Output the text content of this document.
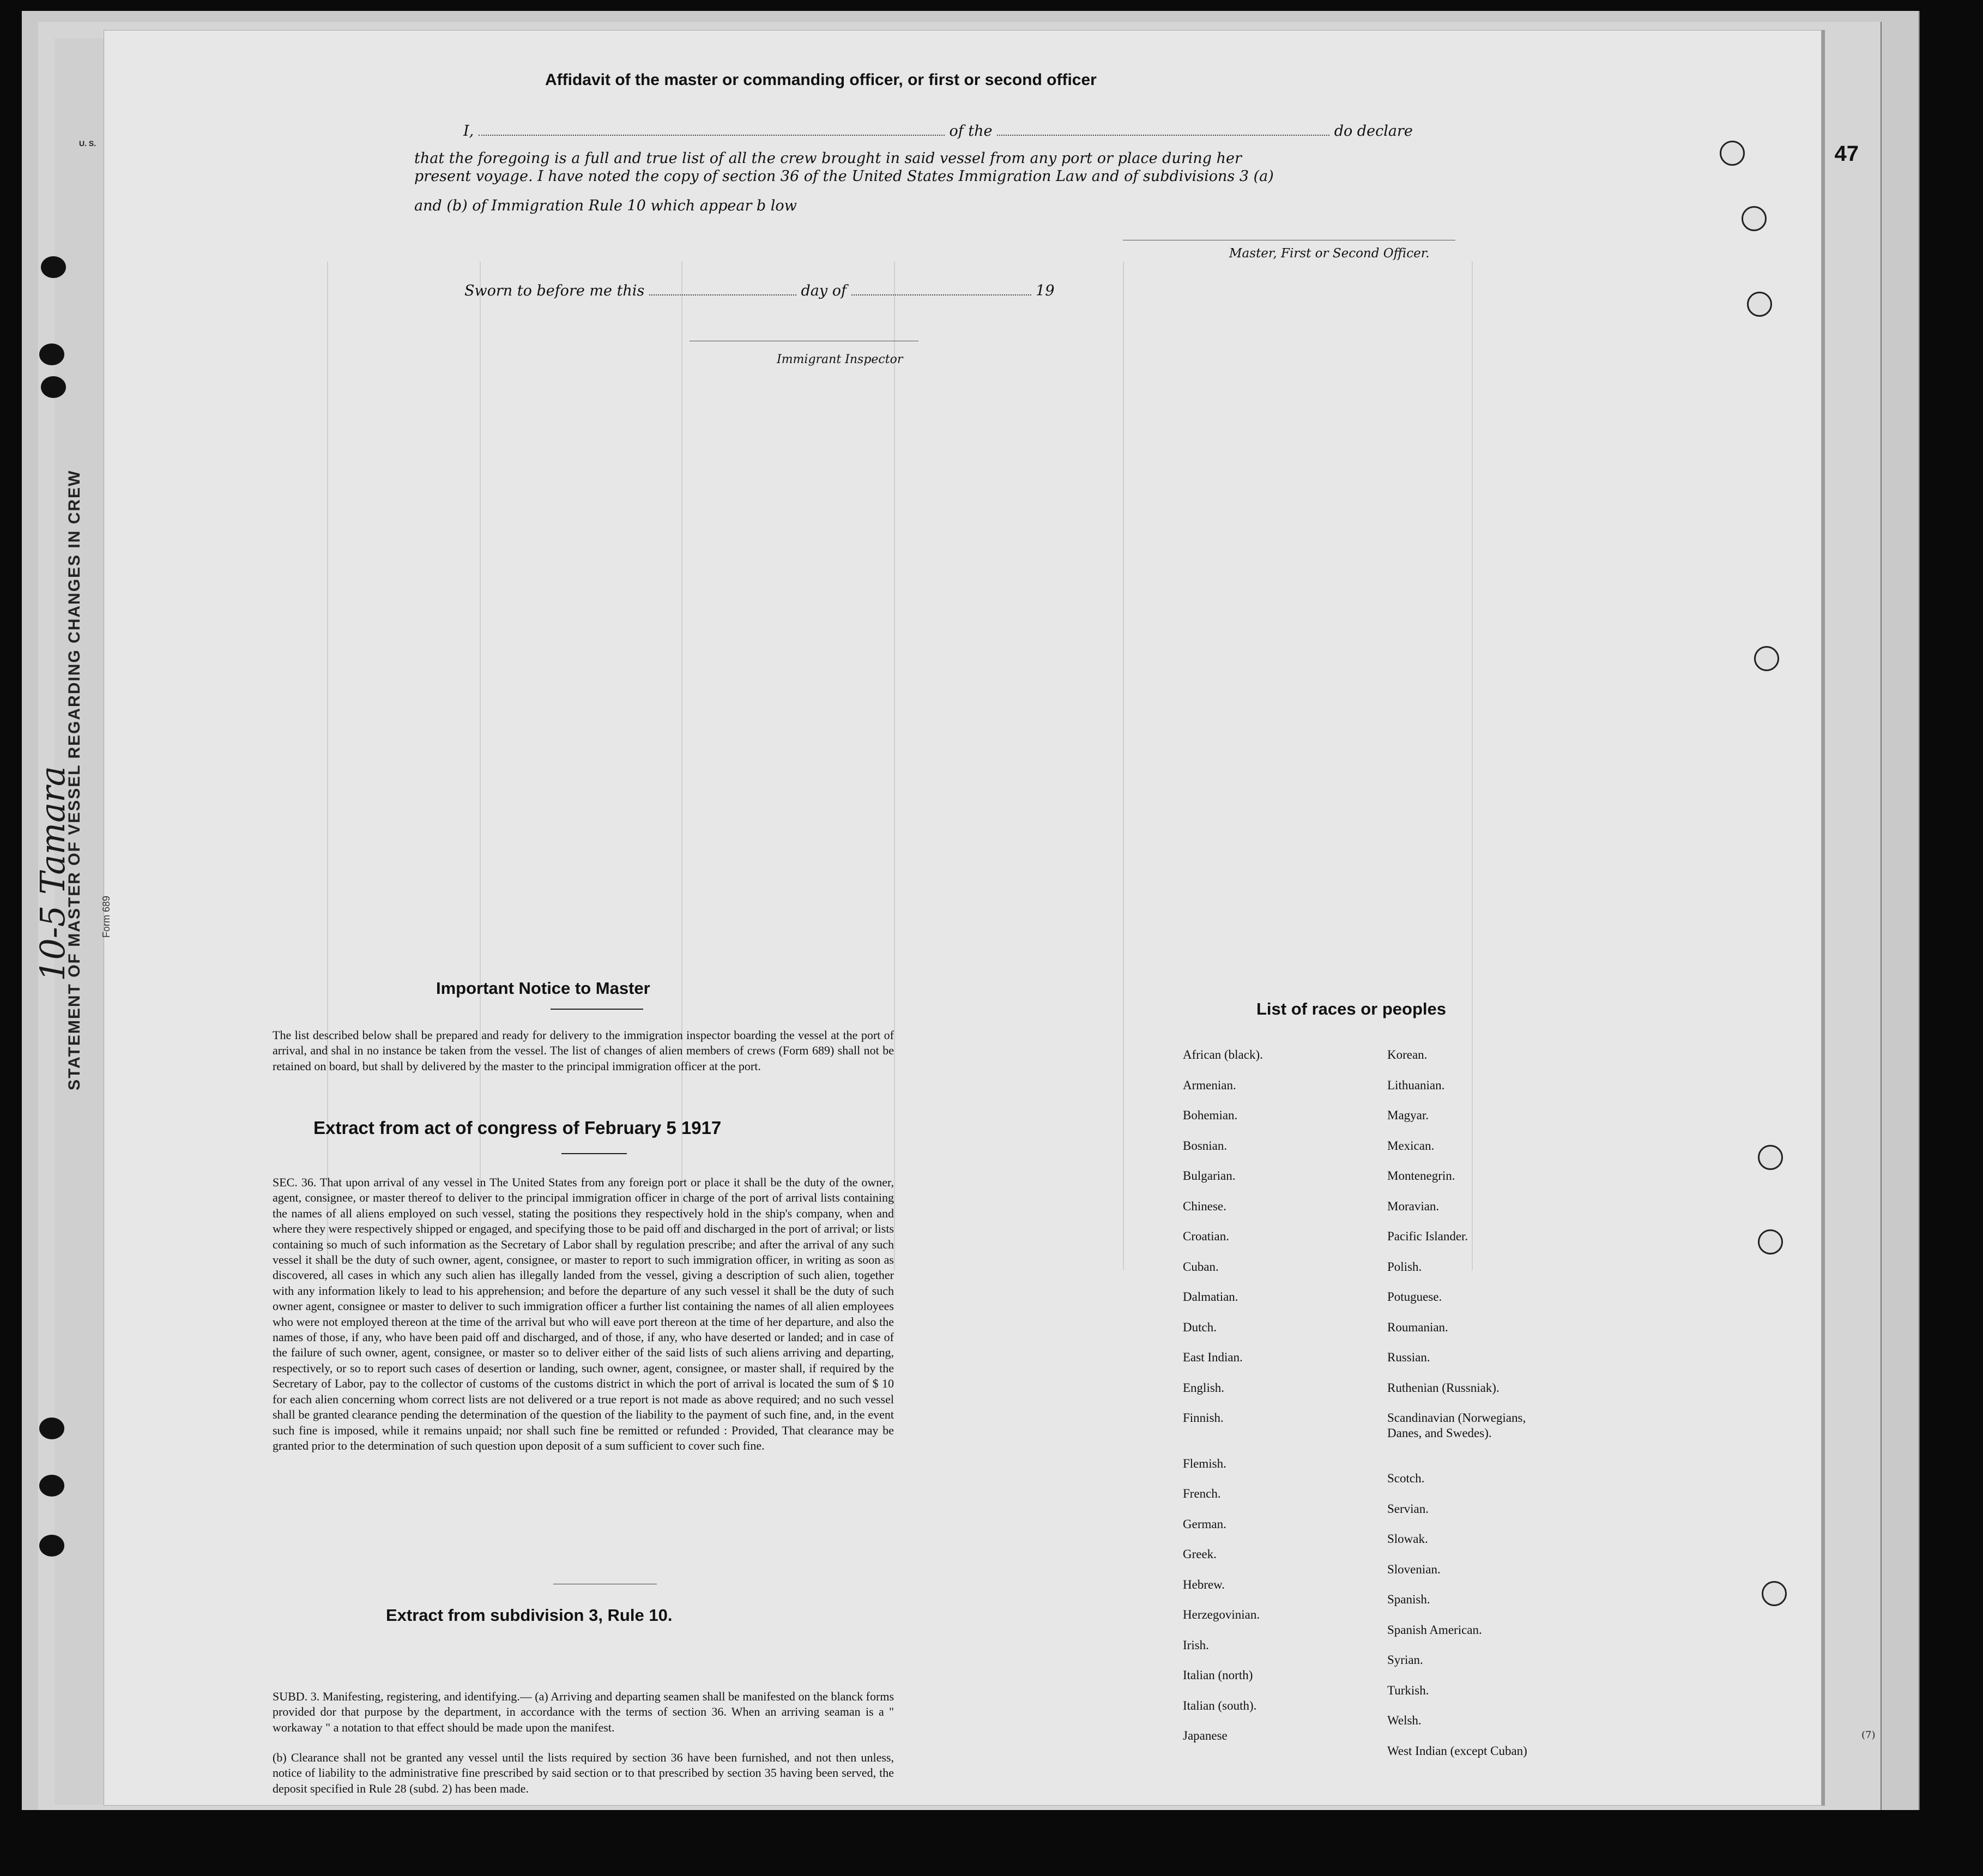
U. S.
STATEMENT OF MASTER OF VESSEL REGARDING CHANGES IN CREW Form 689
10-5 Tamara
Affidavit of the master or commanding officer, or first or second officer
I,	of the	do declare
that the foregoing is a full and true list of all the crew brought in said vessel from any port or place during her
present voyage. I have noted the copy of section 36 of the United States Immigration Law and of subdivisions 3 (a)
and (b) of Immigration Rule 10 which appear b low
Master, First or Second Officer.
Sworn to before me this	day of	19
Immigrant Inspector
47
Important Notice to Master
The list described below shall be prepared and ready for delivery to the immigration inspector boarding the vessel at the port of arrival, and shal in no instance be taken from the vessel. The list of changes of alien members of crews (Form 689) shall not be retained on board, but shall by delivered by the master to the principal immigration officer at the port.
Extract from act of congress of February 5 1917
SEC. 36. That upon arrival of any vessel in The United States from any foreign port or place it shall be the duty of the owner, agent, consignee, or master thereof to deliver to the principal immigration officer in charge of the port of arrival lists containing the names of all aliens employed on such vessel, stating the positions they respectively hold in the ship's company, when and where they were respectively shipped or engaged, and specifying those to be paid off and discharged in the port of arrival; or lists containing so much of such information as the Secretary of Labor shall by regulation prescribe; and after the arrival of any such vessel it shall be the duty of such owner, agent, consignee, or master to report to such immigration officer, in writing as soon as discovered, all cases in which any such alien has illegally landed from the vessel, giving a description of such alien, together with any information likely to lead to his apprehension; and before the departure of any such vessel it shall be the duty of such owner agent, consignee or master to deliver to such immigration officer a further list containing the names of all alien employees who were not employed thereon at the time of the arrival but who will eave port thereon at the time of her departure, and also the names of those, if any, who have been paid off and discharged, and of those, if any, who have deserted or landed; and in case of the failure of such owner, agent, consignee, or master so to deliver either of the said lists of such aliens arriving and departing, respectively, or so to report such cases of desertion or landing, such owner, agent, consignee, or master shall, if required by the Secretary of Labor, pay to the collector of customs of the customs district in which the port of arrival is located the sum of $ 10 for each alien concerning whom correct lists are not delivered or a true report is not made as above required; and no such vessel shall be granted clearance pending the determination of the question of the liability to the payment of such fine, and, in the event such fine is imposed, while it remains unpaid; nor shall such fine be remitted or refunded : Provided, That clearance may be granted prior to the determination of such question upon deposit of a sum sufficient to cover such fine.
Extract from subdivision 3, Rule 10.
SUBD. 3. Manifesting, registering, and identifying.— (a) Arriving and departing seamen shall be manifested on the blanck forms provided dor that purpose by the department, in accordance with the terms of section 36. When an arriving seaman is a " workaway " a notation to that effect should be made upon the manifest.
(b) Clearance shall not be granted any vessel until the lists required by section 36 have been furnished, and not then unless, notice of liability to the administrative fine prescribed by said section or to that prescribed by section 35 having been served, the deposit specified in Rule 28 (subd. 2) has been made.
List of races or peoples
African (black).
Armenian.
Bohemian.
Bosnian.
Bulgarian.
Chinese.
Croatian.
Cuban.
Dalmatian.
Dutch.
East Indian.
English.
Finnish.
Flemish.
French.
German.
Greek.
Hebrew.
Herzegovinian.
Irish.
Italian (north)
Italian (south).
Japanese
Korean.
Lithuanian.
Magyar.
Mexican.
Montenegrin.
Moravian.
Pacific Islander.
Polish.
Potuguese.
Roumanian.
Russian.
Ruthenian (Russniak).
Scandinavian (Norwegians,
Danes, and Swedes).
Scotch.
Servian.
Slowak.
Slovenian.
Spanish.
Spanish American.
Syrian.
Turkish.
Welsh.
West Indian (except Cuban)
(7)
